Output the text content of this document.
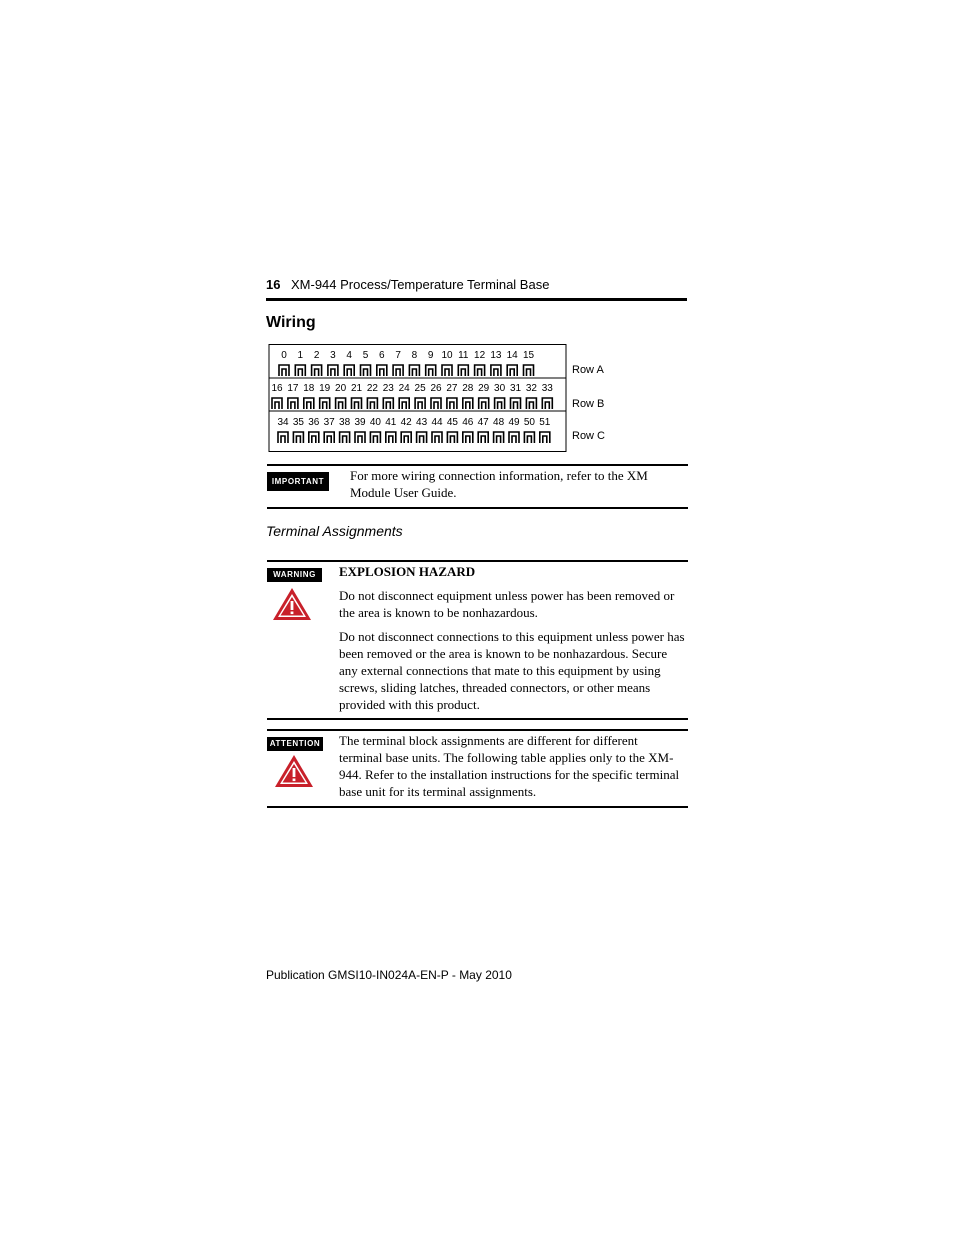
16 XM-944 Process/Temperature Terminal Base
Wiring
0 1 2 3 4 5 6 7 8 9 10 11 12 13 14 15
Row A
16 17 18 19 20 21 22 23 24 25 26 27 28 29 30 31 32 33
Row B
34 35 36 37 38 39 40 41 42 43 44 45 46 47 48 49 50 51
Row C
IMPORTANT	For more wiring connection information, refer to the XM Module User Guide.
Terminal Assignments
WARNING	EXPLOSION HAZARD
Do not disconnect equipment unless power has been removed or the area is known to be nonhazardous.
Do not disconnect connections to this equipment unless power has been removed or the area is known to be nonhazardous. Secure any external connections that mate to this equipment by using screws, sliding latches, threaded connectors, or other means provided with this product.
ATTENTION The terminal block assignments are different for different terminal base units. The following table applies only to the XM-944. Refer to the installation instructions for the specific terminal base unit for its terminal assignments.
Publication GMSI10-IN024A-EN-P - May 2010
